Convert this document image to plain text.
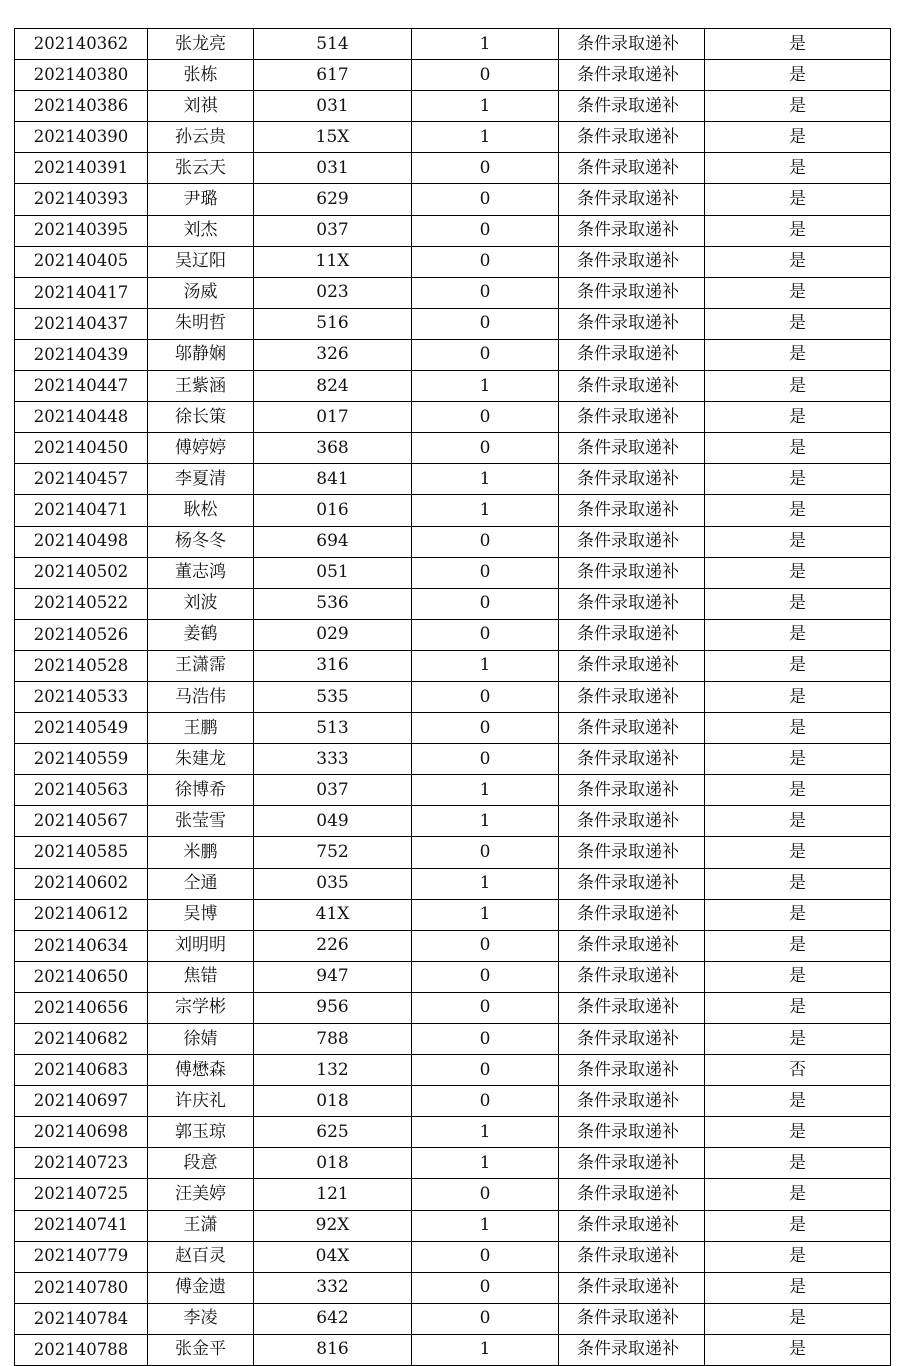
202140362	张龙亮	514	1	条件录取递补	是
202140380	张栋	617	0	条件录取递补	是
202140386	刘祺	031	1	条件录取递补	是
202140390	孙云贵	15X	1	条件录取递补	是
202140391	张云天	031	0	条件录取递补	是
202140393	尹璐	629	0	条件录取递补	是
202140395	刘杰	037	0	条件录取递补	是
202140405	吴辽阳	11X	0	条件录取递补	是
202140417	汤威	023	0	条件录取递补	是
202140437	朱明哲	516	0	条件录取递补	是
202140439	邬静娴	326	0	条件录取递补	是
202140447	王紫涵	824	1	条件录取递补	是
202140448	徐长策	017	0	条件录取递补	是
202140450	傅婷婷	368	0	条件录取递补	是
202140457	李夏清	841	1	条件录取递补	是
202140471	耿松	016	1	条件录取递补	是
202140498	杨冬冬	694	0	条件录取递补	是
202140502	董志鸿	051	0	条件录取递补	是
202140522	刘波	536	0	条件录取递补	是
202140526	姜鹤	029	0	条件录取递补	是
202140528	王潇霈	316	1	条件录取递补	是
202140533	马浩伟	535	0	条件录取递补	是
202140549	王鹏	513	0	条件录取递补	是
202140559	朱建龙	333	0	条件录取递补	是
202140563	徐博希	037	1	条件录取递补	是
202140567	张莹雪	049	1	条件录取递补	是
202140585	米鹏	752	0	条件录取递补	是
202140602	仝通	035	1	条件录取递补	是
202140612	吴博	41X	1	条件录取递补	是
202140634	刘明明	226	0	条件录取递补	是
202140650	焦错	947	0	条件录取递补	是
202140656	宗学彬	956	0	条件录取递补	是
202140682	徐婧	788	0	条件录取递补	是
202140683	傅懋森	132	0	条件录取递补	否
202140697	许庆礼	018	0	条件录取递补	是
202140698	郭玉琼	625	1	条件录取递补	是
202140723	段意	018	1	条件录取递补	是
202140725	汪美婷	121	0	条件录取递补	是
202140741	王潇	92X	1	条件录取递补	是
202140779	赵百灵	04X	0	条件录取递补	是
202140780	傅金遗	332	0	条件录取递补	是
202140784	李凌	642	0	条件录取递补	是
202140788	张金平	816	1	条件录取递补	是
